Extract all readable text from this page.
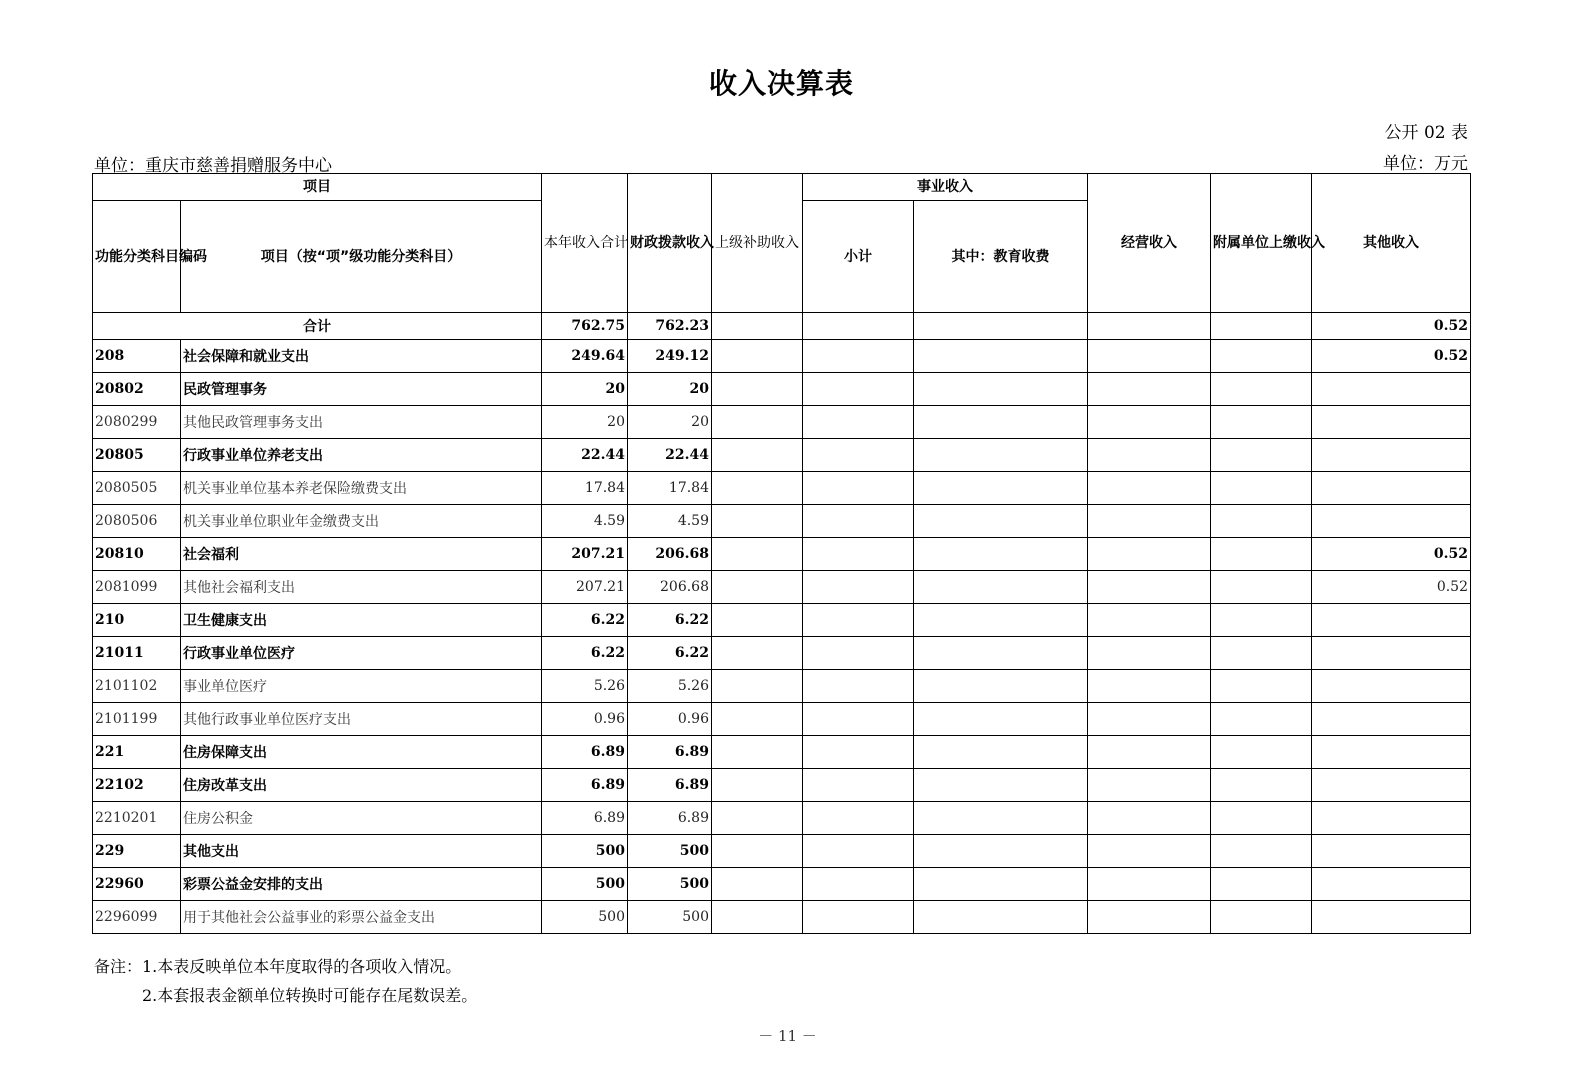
收入决算表
公开 02 表
单位：重庆市慈善捐赠服务中心	单位：万元
项目		本年收入合计	财政拨款收入	上级补助收入	事业收入		经营收入	附属单位上缴收入	其他收入
功能分类科目编码	项目（按“项”级功能分类科目）				小计	其中：教育收费			
合计		762.75	762.23						0.52
208	社会保障和就业支出	249.64	249.12						0.52
20802	民政管理事务	20	20						
2080299	其他民政管理事务支出	20	20						
20805	行政事业单位养老支出	22.44	22.44						
2080505	机关事业单位基本养老保险缴费支出	17.84	17.84						
2080506	机关事业单位职业年金缴费支出	4.59	4.59						
20810	社会福利	207.21	206.68						0.52
2081099	其他社会福利支出	207.21	206.68						0.52
210	卫生健康支出	6.22	6.22						
21011	行政事业单位医疗	6.22	6.22						
2101102	事业单位医疗	5.26	5.26						
2101199	其他行政事业单位医疗支出	0.96	0.96						
221	住房保障支出	6.89	6.89						
22102	住房改革支出	6.89	6.89						
2210201	住房公积金	6.89	6.89						
229	其他支出	500	500						
22960	彩票公益金安排的支出	500	500						
2296099	用于其他社会公益事业的彩票公益金支出	500	500						
备注：1.本表反映单位本年度取得的各项收入情况。
2.本套报表金额单位转换时可能存在尾数误差。
－ 11 －
